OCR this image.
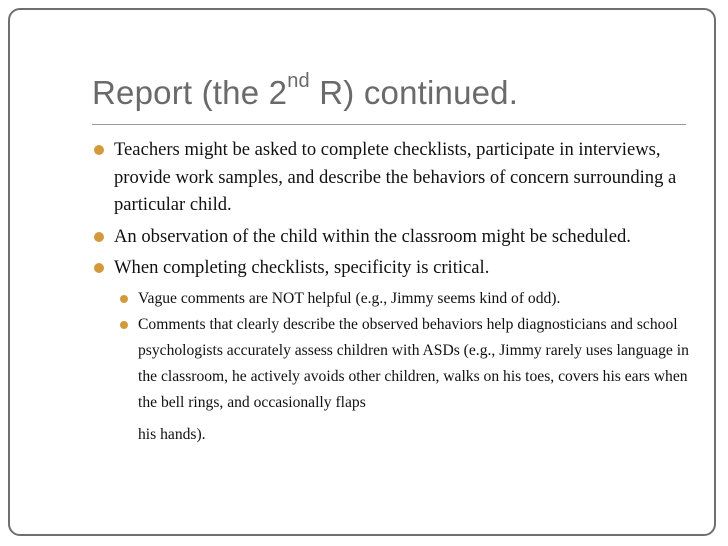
Report (the 2nd R) continued.
Teachers might be asked to complete checklists, participate in interviews, provide work samples, and describe the behaviors of concern surrounding a particular child.
An observation of the child within the classroom might be scheduled.
When completing checklists, specificity is critical.
Vague comments are NOT helpful (e.g., Jimmy seems kind of odd).
Comments that clearly describe the observed behaviors help diagnosticians and school psychologists accurately assess children with ASDs (e.g., Jimmy rarely uses language in the classroom, he actively avoids other children, walks on his toes, covers his ears when the bell rings, and occasionally flaps
his hands).
